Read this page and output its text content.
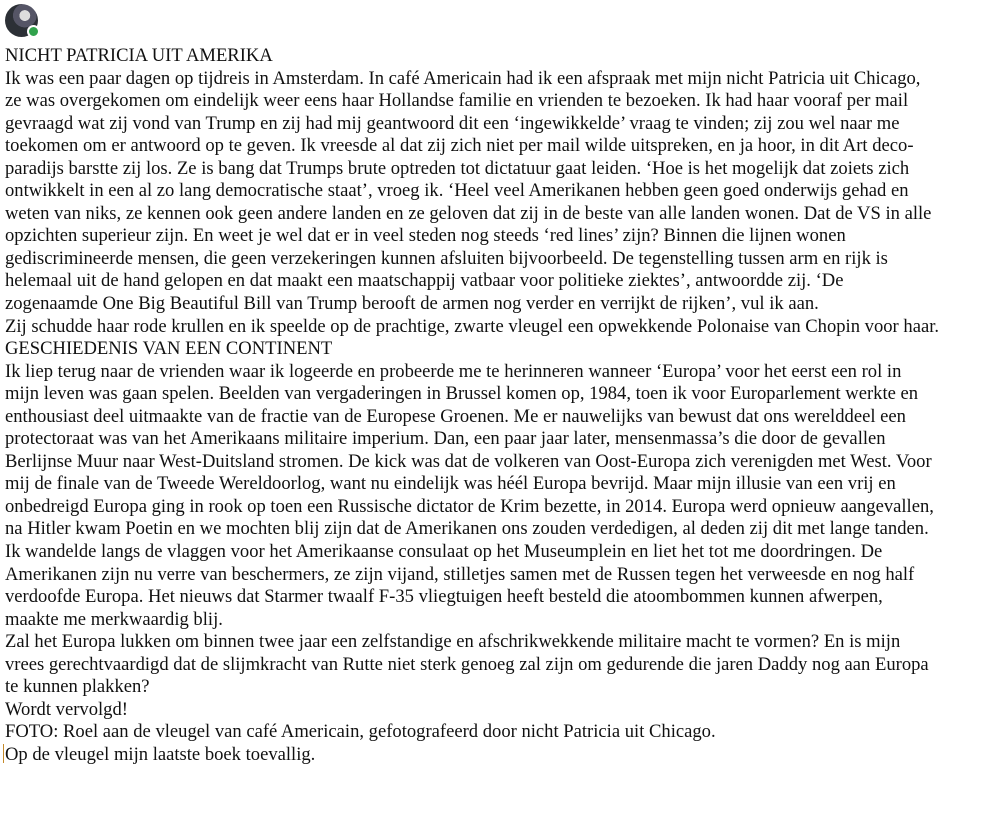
NICHT PATRICIA UIT AMERIKA
Ik was een paar dagen op tijdreis in Amsterdam. In café Americain had ik een afspraak met mijn nicht Patricia uit Chicago,
ze was overgekomen om eindelijk weer eens haar Hollandse familie en vrienden te bezoeken. Ik had haar vooraf per mail
gevraagd wat zij vond van Trump en zij had mij geantwoord dit een ‘ingewikkelde’ vraag te vinden; zij zou wel naar me
toekomen om er antwoord op te geven. Ik vreesde al dat zij zich niet per mail wilde uitspreken, en ja hoor, in dit Art deco-
paradijs barstte zij los. Ze is bang dat Trumps brute optreden tot dictatuur gaat leiden. ‘Hoe is het mogelijk dat zoiets zich
ontwikkelt in een al zo lang democratische staat’, vroeg ik. ‘Heel veel Amerikanen hebben geen goed onderwijs gehad en
weten van niks, ze kennen ook geen andere landen en ze geloven dat zij in de beste van alle landen wonen. Dat de VS in alle
opzichten superieur zijn. En weet je wel dat er in veel steden nog steeds ‘red lines’ zijn? Binnen die lijnen wonen
gediscrimineerde mensen, die geen verzekeringen kunnen afsluiten bijvoorbeeld. De tegenstelling tussen arm en rijk is
helemaal uit de hand gelopen en dat maakt een maatschappij vatbaar voor politieke ziektes’, antwoordde zij. ‘De
zogenaamde One Big Beautiful Bill van Trump berooft de armen nog verder en verrijkt de rijken’, vul ik aan.
Zij schudde haar rode krullen en ik speelde op de prachtige, zwarte vleugel een opwekkende Polonaise van Chopin voor haar.
GESCHIEDENIS VAN EEN CONTINENT
Ik liep terug naar de vrienden waar ik logeerde en probeerde me te herinneren wanneer ‘Europa’ voor het eerst een rol in
mijn leven was gaan spelen. Beelden van vergaderingen in Brussel komen op, 1984, toen ik voor Europarlement werkte en
enthousiast deel uitmaakte van de fractie van de Europese Groenen. Me er nauwelijks van bewust dat ons werelddeel een
protectoraat was van het Amerikaans militaire imperium. Dan, een paar jaar later, mensenmassa’s die door de gevallen
Berlijnse Muur naar West-Duitsland stromen. De kick was dat de volkeren van Oost-Europa zich verenigden met West. Voor
mij de finale van de Tweede Wereldoorlog, want nu eindelijk was héél Europa bevrijd. Maar mijn illusie van een vrij en
onbedreigd Europa ging in rook op toen een Russische dictator de Krim bezette, in 2014. Europa werd opnieuw aangevallen,
na Hitler kwam Poetin en we mochten blij zijn dat de Amerikanen ons zouden verdedigen, al deden zij dit met lange tanden.
Ik wandelde langs de vlaggen voor het Amerikaanse consulaat op het Museumplein en liet het tot me doordringen. De
Amerikanen zijn nu verre van beschermers, ze zijn vijand, stilletjes samen met de Russen tegen het verweesde en nog half
verdoofde Europa. Het nieuws dat Starmer twaalf F-35 vliegtuigen heeft besteld die atoombommen kunnen afwerpen,
maakte me merkwaardig blij.
Zal het Europa lukken om binnen twee jaar een zelfstandige en afschrikwekkende militaire macht te vormen? En is mijn
vrees gerechtvaardigd dat de slijmkracht van Rutte niet sterk genoeg zal zijn om gedurende die jaren Daddy nog aan Europa
te kunnen plakken?
Wordt vervolgd!
FOTO: Roel aan de vleugel van café Americain, gefotografeerd door nicht Patricia uit Chicago.
Op de vleugel mijn laatste boek toevallig.
